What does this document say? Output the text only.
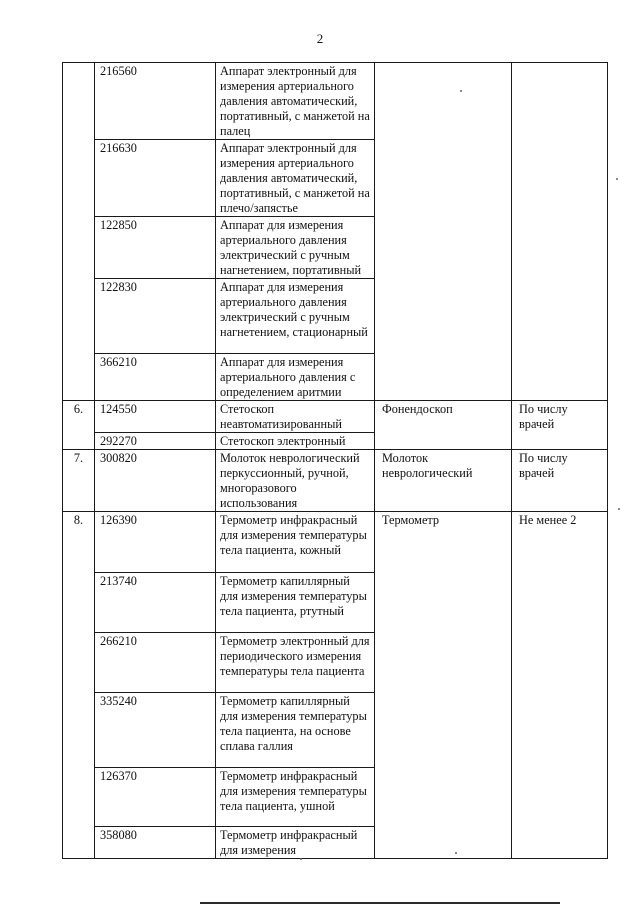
2
	216560	Аппарат электронный для измерения артериального давления автоматический, портативный, с манжетой на палец		
	216630	Аппарат электронный для измерения артериального давления автоматический, портативный, с манжетой на плечо/запястье		
	122850	Аппарат для измерения артериального давления электрический с ручным нагнетением, портативный		
	122830	Аппарат для измерения артериального давления электрический с ручным нагнетением, стационарный		
	366210	Аппарат для измерения артериального давления с определением аритмии		
6.	124550	Стетоскоп неавтоматизированный	Фонендоскоп	По числу врачей
	292270	Стетоскоп электронный		
7.	300820	Молоток неврологический перкуссионный, ручной, многоразового использования	Молоток неврологический	По числу врачей
8.	126390	Термометр инфракрасный для измерения температуры тела пациента, кожный	Термометр	Не менее 2
	213740	Термометр капиллярный для измерения температуры тела пациента, ртутный		
	266210	Термометр электронный для периодического измерения температуры тела пациента		
	335240	Термометр капиллярный для измерения температуры тела пациента, на основе сплава галлия		
	126370	Термометр инфракрасный для измерения температуры тела пациента, ушной		
	358080	Термометр инфракрасный для измерения		
